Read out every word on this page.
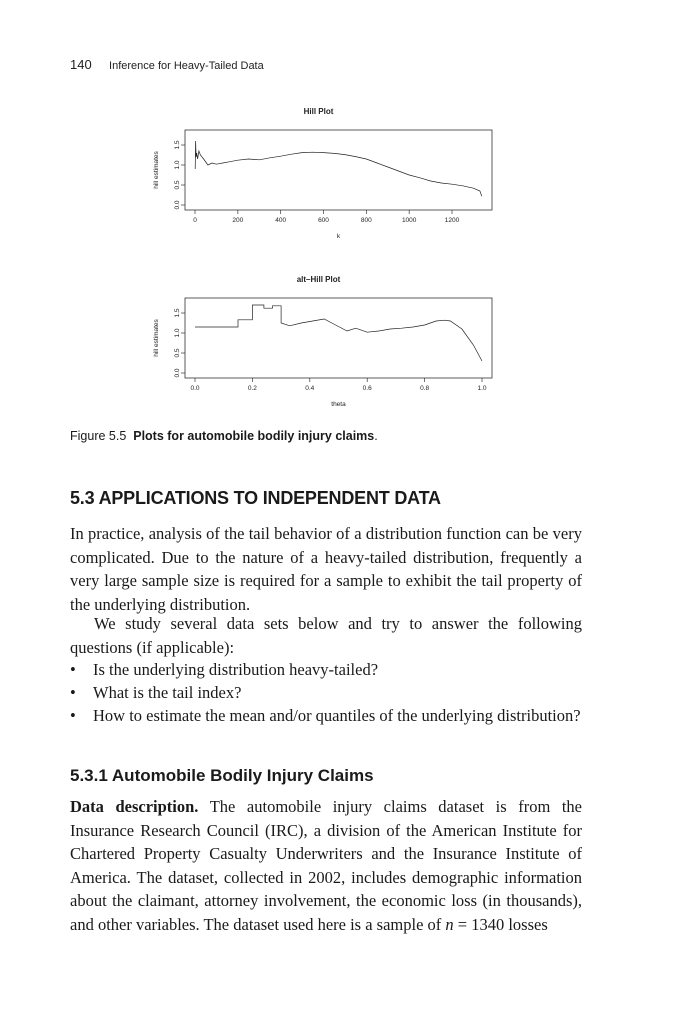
140 Inference for Heavy-Tailed Data
Hill Plot
0	200	400	600	800	1000	1200
k
0.0
0.5
1.0
1.5
hill estimates
alt–Hill Plot
0.0	0.2	0.4	0.6	0.8	1.0
theta
0.0
0.5
1.0
1.5
hill estimates
Figure 5.5 Plots for automobile bodily injury claims.
5.3 APPLICATIONS TO INDEPENDENT DATA
In practice, analysis of the tail behavior of a distribution function can be very complicated. Due to the nature of a heavy-tailed distribution, frequently a very large sample size is required for a sample to exhibit the tail property of the underlying distribution.
We study several data sets below and try to answer the following questions (if applicable):
• Is the underlying distribution heavy-tailed?
• What is the tail index?
• How to estimate the mean and/or quantiles of the underlying distribution?
5.3.1 Automobile Bodily Injury Claims
Data description. The automobile injury claims dataset is from the Insurance Research Council (IRC), a division of the American Institute for Chartered Property Casualty Underwriters and the Insurance Institute of America. The dataset, collected in 2002, includes demographic information about the claimant, attorney involvement, the economic loss (in thousands), and other variables. The dataset used here is a sample of n = 1340 losses
